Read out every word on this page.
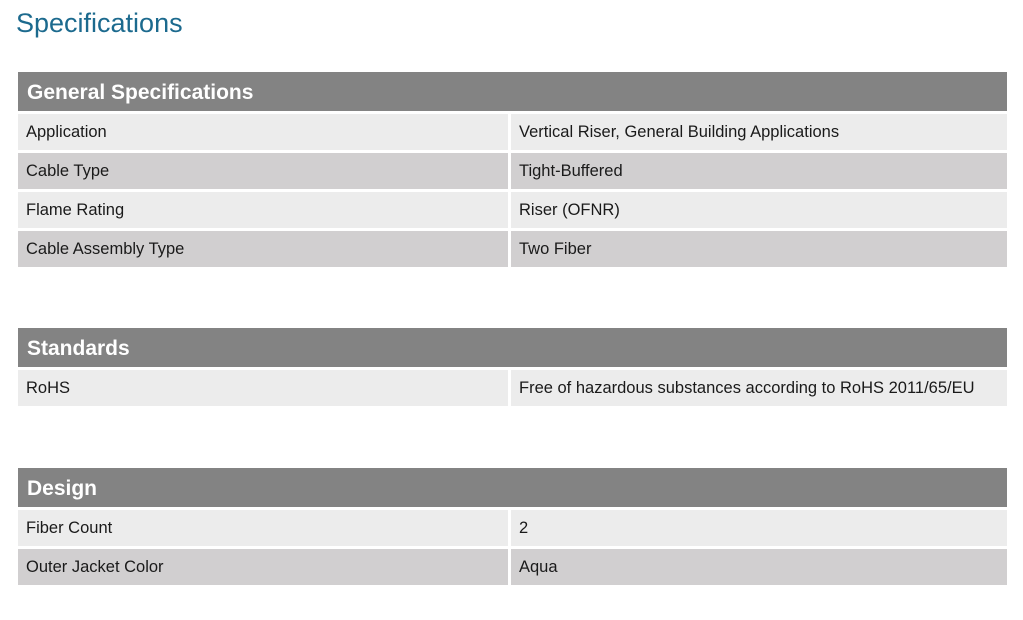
Specifications
General Specifications
Application	Vertical Riser, General Building Applications
Cable Type	Tight-Buffered
Flame Rating	Riser (OFNR)
Cable Assembly Type	Two Fiber
Standards
RoHS	Free of hazardous substances according to RoHS 2011/65/EU
Design
Fiber Count	2
Outer Jacket Color	Aqua
